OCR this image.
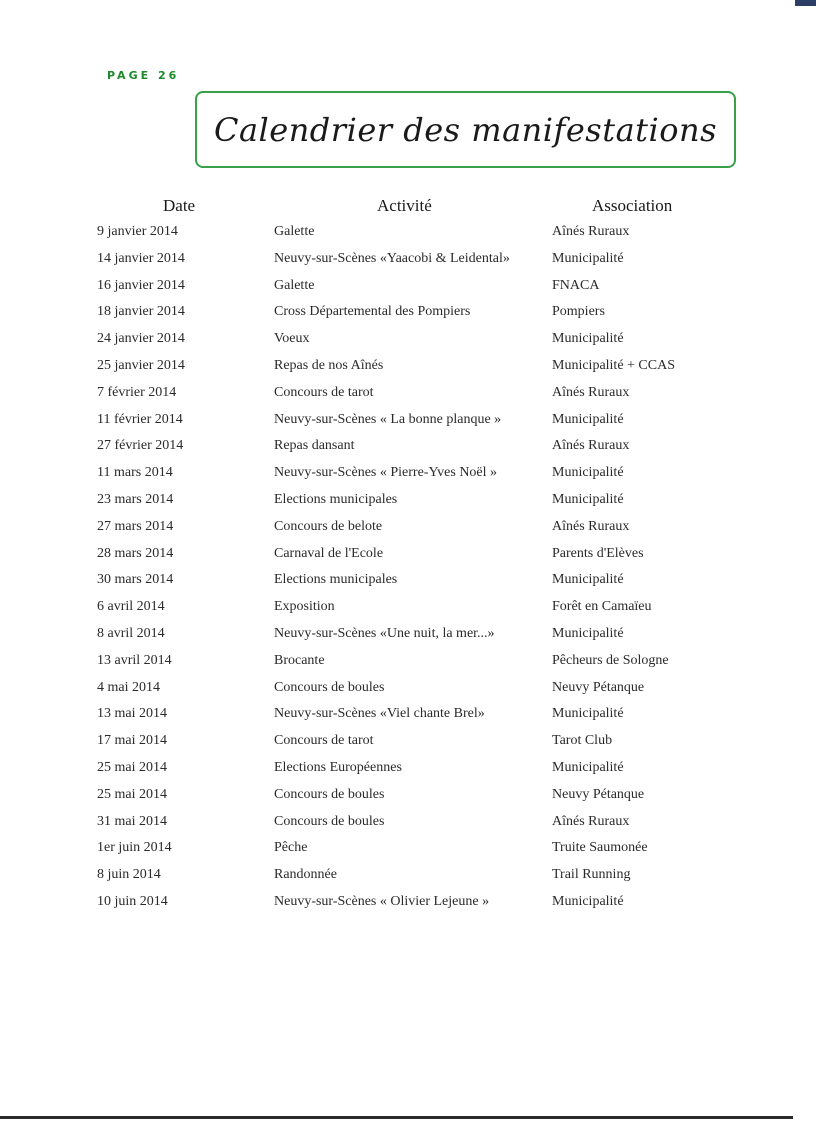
PAGE 26
Calendrier des manifestations
Date	Activité	Association
9 janvier 2014	Galette	Aînés Ruraux
14 janvier 2014	Neuvy-sur-Scènes «Yaacobi & Leidental»	Municipalité
16 janvier 2014	Galette	FNACA
18 janvier 2014	Cross Départemental des Pompiers	Pompiers
24 janvier 2014	Voeux	Municipalité
25 janvier 2014	Repas de nos Aînés	Municipalité + CCAS
7 février 2014	Concours de tarot	Aînés Ruraux
11 février 2014	Neuvy-sur-Scènes « La bonne planque »	Municipalité
27 février 2014	Repas dansant	Aînés Ruraux
11 mars 2014	Neuvy-sur-Scènes « Pierre-Yves Noël »	Municipalité
23 mars 2014	Elections municipales	Municipalité
27 mars 2014	Concours de belote	Aînés Ruraux
28 mars 2014	Carnaval de l'Ecole	Parents d'Elèves
30 mars 2014	Elections municipales	Municipalité
6 avril 2014	Exposition	Forêt en Camaïeu
8 avril 2014	Neuvy-sur-Scènes «Une nuit, la mer...»	Municipalité
13 avril 2014	Brocante	Pêcheurs de Sologne
4 mai 2014	Concours de boules	Neuvy Pétanque
13 mai 2014	Neuvy-sur-Scènes «Viel chante Brel»	Municipalité
17 mai 2014	Concours de tarot	Tarot Club
25 mai 2014	Elections Européennes	Municipalité
25 mai 2014	Concours de boules	Neuvy Pétanque
31 mai 2014	Concours de boules	Aînés Ruraux
1er juin 2014	Pêche	Truite Saumonée
8 juin 2014	Randonnée	Trail Running
10 juin 2014	Neuvy-sur-Scènes « Olivier Lejeune »	Municipalité
